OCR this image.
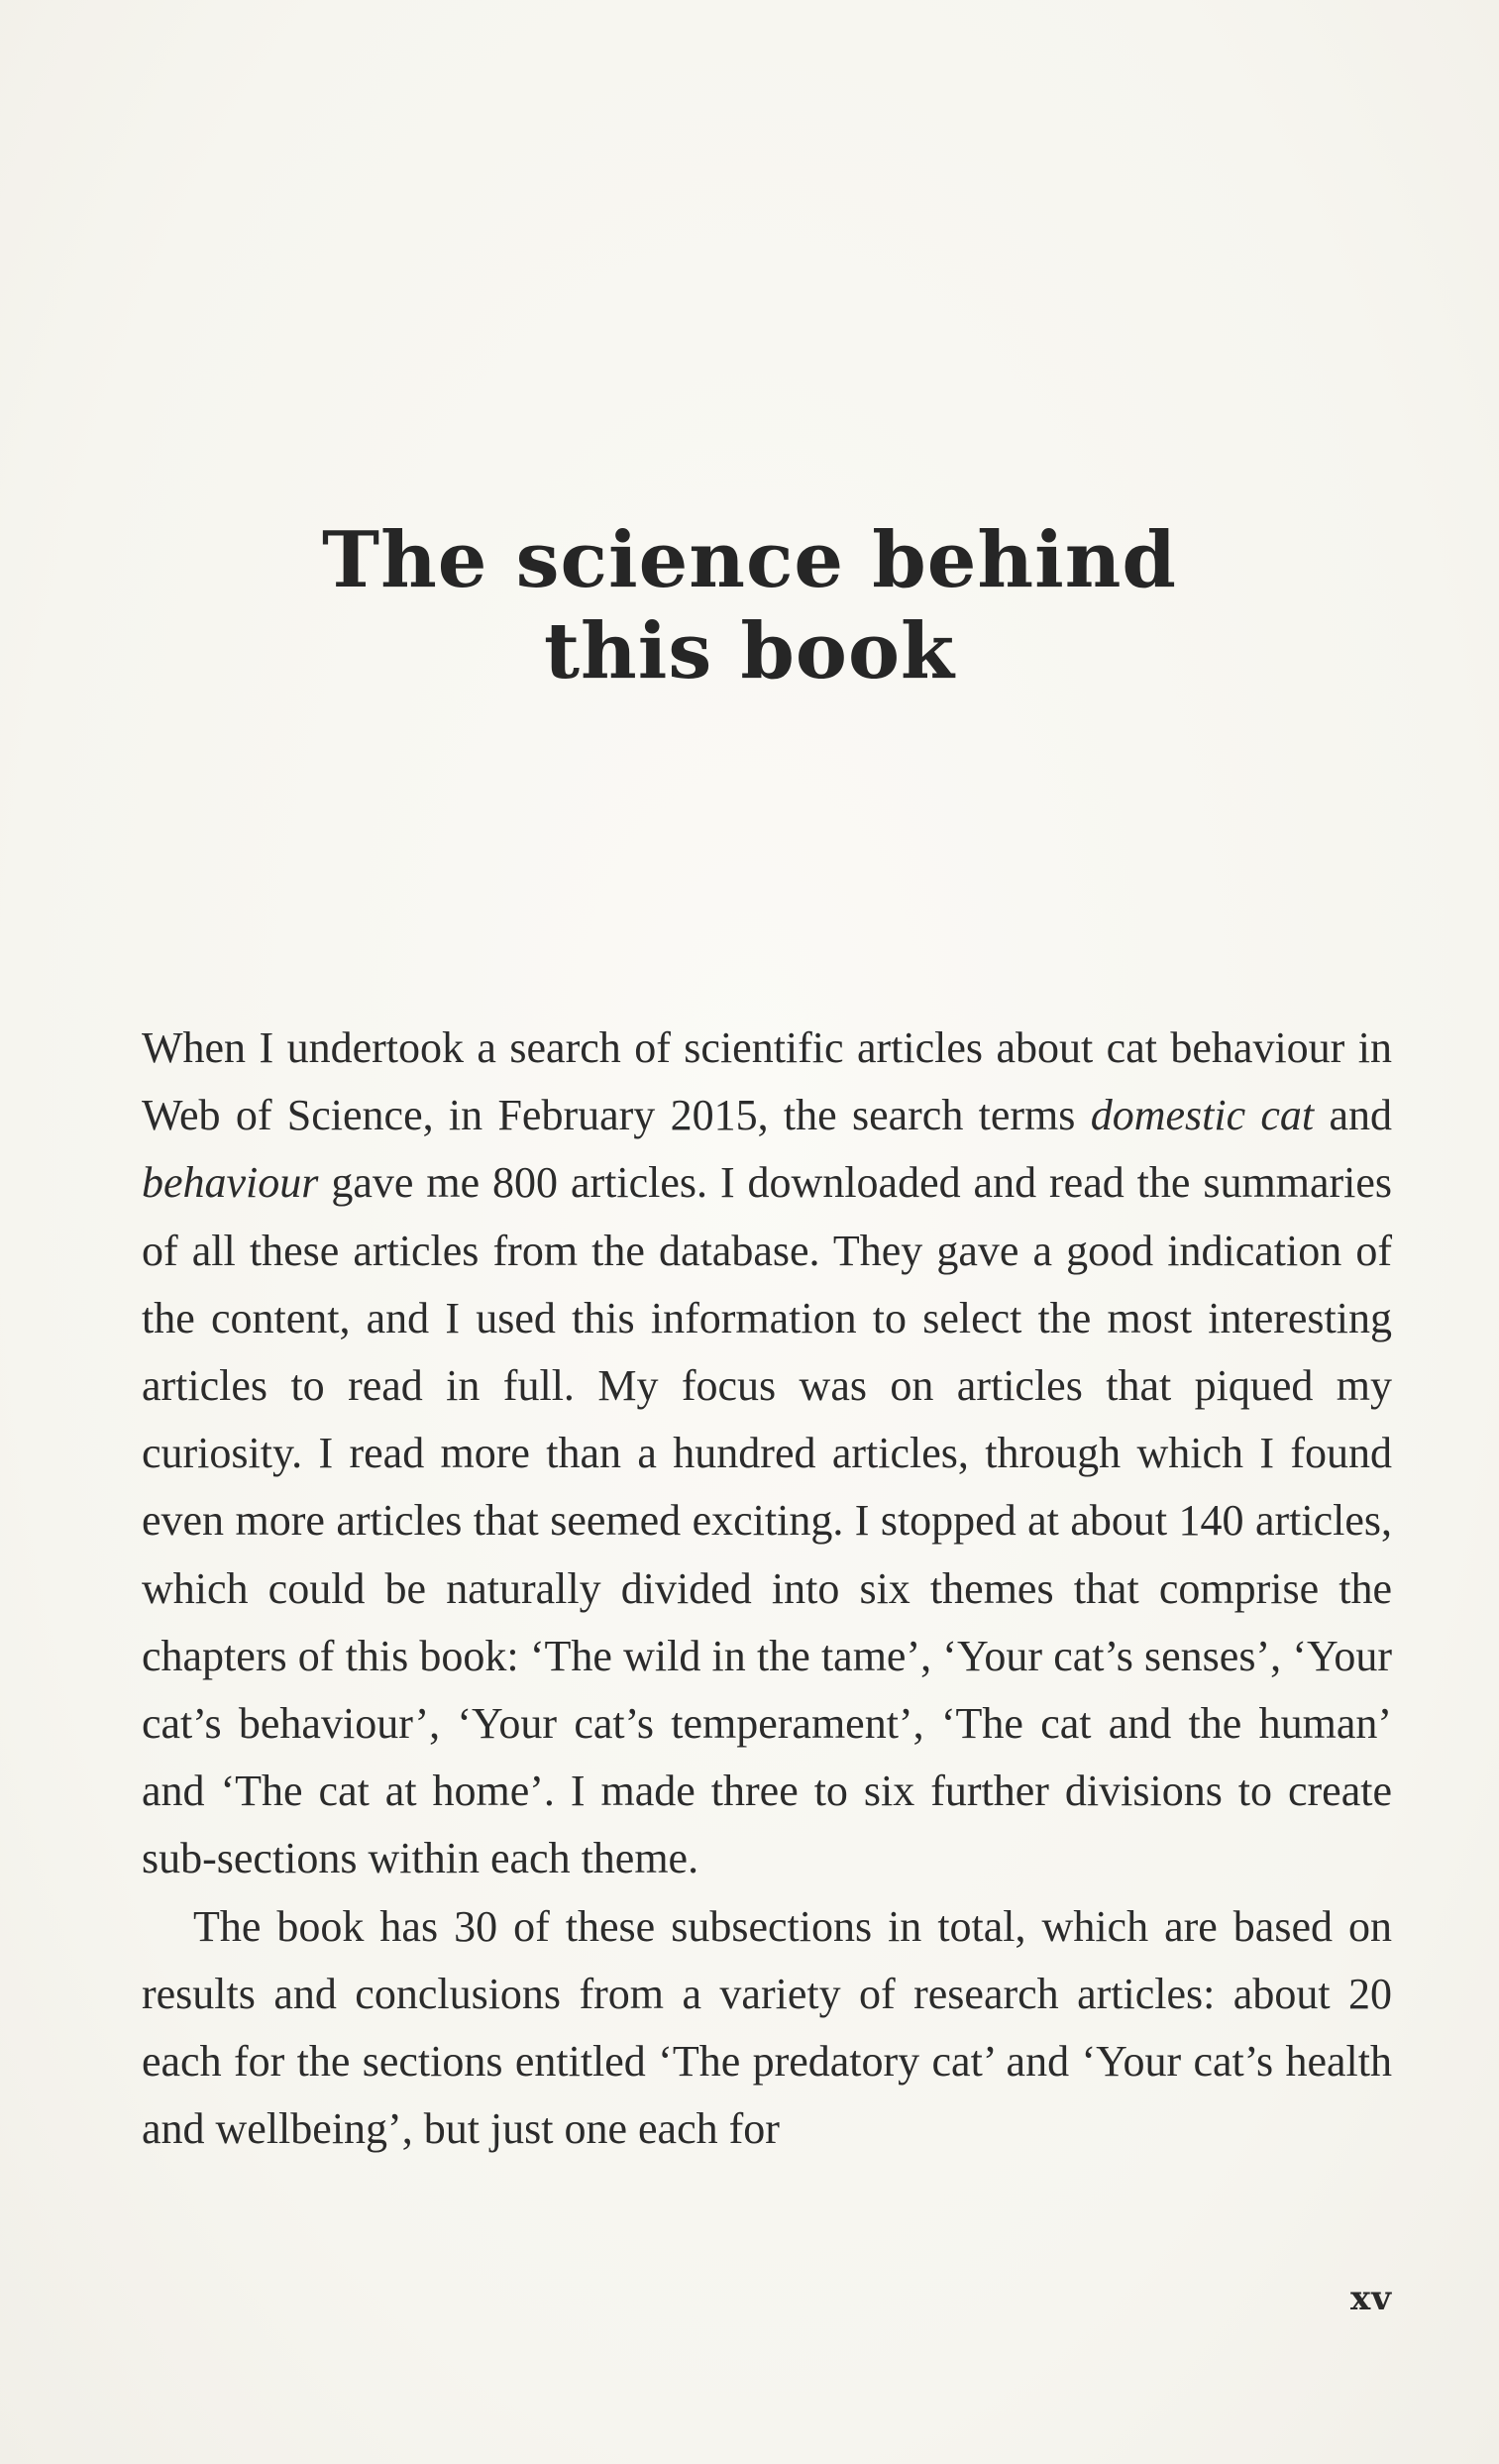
The science behind
this book

When I undertook a search of scientific articles about cat behaviour in Web of Science, in February 2015, the search terms domestic cat and behaviour gave me 800 articles. I downloaded and read the summaries of all these articles from the database. They gave a good indication of the content, and I used this information to select the most interesting articles to read in full. My focus was on articles that piqued my curiosity. I read more than a hundred articles, through which I found even more articles that seemed exciting. I stopped at about 140 articles, which could be naturally divided into six themes that comprise the chapters of this book: ‘The wild in the tame’, ‘Your cat’s senses’, ‘Your cat’s behaviour’, ‘Your cat’s temperament’, ‘The cat and the human’ and ‘The cat at home’. I made three to six further divisions to create sub-sections within each theme.

The book has 30 of these subsections in total, which are based on results and conclusions from a variety of research articles: about 20 each for the sections entitled ‘The predatory cat’ and ‘Your cat’s health and wellbeing’, but just one each for

xv
